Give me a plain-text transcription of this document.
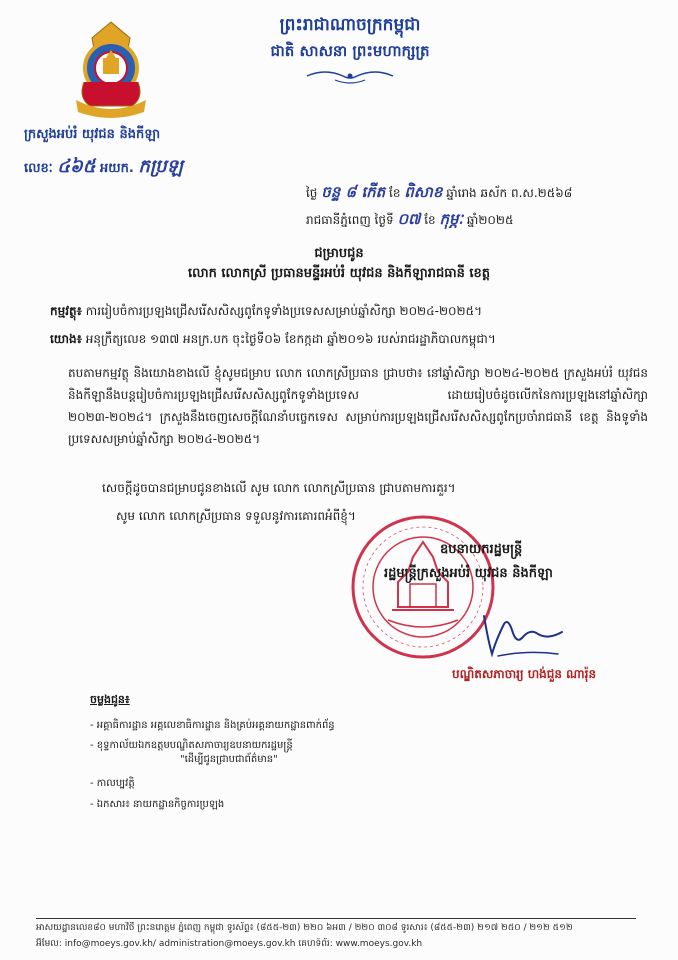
ព្រះរាជាណាចក្រកម្ពុជា
ជាតិ សាសនា ព្រះមហាក្សត្រ
ក្រសួងអប់រំ យុវជន និងកីឡា
លេខៈ ៤៦៥ អយក. កប្រឡ
ថ្ងៃ ចន្ទ ៨ កើត ខែ ពិសាខ ឆ្នាំរោង ឆស័ក ព.ស.២៥៦៨
រាជធានីភ្នំពេញ ថ្ងៃទី ០៧ ខែ កុម្ភៈ ឆ្នាំ២០២៥
ជម្រាបជូន
លោក លោកស្រី ប្រធានមន្ទីរអប់រំ យុវជន និងកីឡារាជធានី ខេត្ត
កម្មវត្ថុ៖ ការរៀបចំការប្រឡងជ្រើសរើសសិស្សពូកែទូទាំងប្រទេសសម្រាប់ឆ្នាំសិក្សា ២០២៤-២០២៥។
យោង៖ អនុក្រឹត្យលេខ ១៣៧ អនក្រ.បក ចុះថ្ងៃទី០៦ ខែកក្កដា ឆ្នាំ២០១៦ របស់រាជរដ្ឋាភិបាលកម្ពុជា។
តបតាមកម្មវត្ថុ និងយោងខាងលើ ខ្ញុំសូមជម្រាប លោក លោកស្រីប្រធាន ជ្រាបថា៖ នៅឆ្នាំសិក្សា ២០២៤-២០២៥ ក្រសួងអប់រំ យុវជន និងកីឡានឹងបន្តរៀបចំការប្រឡងជ្រើសរើសសិស្សពូកែទូទាំងប្រទេស ដោយរៀបចំដូចលើកនៃការប្រឡងនៅឆ្នាំសិក្សា ២០២៣-២០២៤។ ក្រសួងនឹងចេញសេចក្តីណែនាំបច្ចេកទេស សម្រាប់ការប្រឡងជ្រើសរើសសិស្សពូកែប្រចាំរាជធានី ខេត្ត និងទូទាំងប្រទេសសម្រាប់ឆ្នាំសិក្សា ២០២៤-២០២៥។
សេចក្តីដូចបានជម្រាបជូនខាងលើ សូម លោក លោកស្រីប្រធាន ជ្រាបតាមការគួរ។
សូម លោក លោកស្រីប្រធាន ទទួលនូវការគោរពអំពីខ្ញុំ។
ឧបនាយករដ្ឋមន្ត្រី
រដ្ឋមន្ត្រីក្រសួងអប់រំ យុវជន និងកីឡា
បណ្ឌិតសភាចារ្យ ហង់ជួន ណារ៉ុន
ចម្លងជូន៖
- អគ្គាធិការដ្ឋាន អគ្គលេខាធិការដ្ឋាន និងគ្រប់អគ្គនាយកដ្ឋានពាក់ព័ន្ធ
- ខុទ្ទកាល័យឯកឧត្តមបណ្ឌិតសភាចារ្យឧបនាយករដ្ឋមន្ត្រី
"ដើម្បីជូនជ្រាបជាព័ត៌មាន"
- កាលប្បវត្តិ
- ឯកសារ៖ នាយកដ្ឋានកិច្ចការប្រឡង
អាសយដ្ឋានលេខ៨០ មហាវិថី ព្រះនរោត្តម ភ្នំពេញ កម្ពុជា ទូរស័ព្ទ៖ (៨៥៥-២៣) ២២០ ៦អ៣ / ២២០ ៣០៨ ទូរសារ៖ (៨៥៥-២៣) ២១៧ ២៥០ / ២១២ ៥១២
អ៊ីមែល: info@moeys.gov.kh/ administration@moeys.gov.kh គេហទំព័រ: www.moeys.gov.kh
